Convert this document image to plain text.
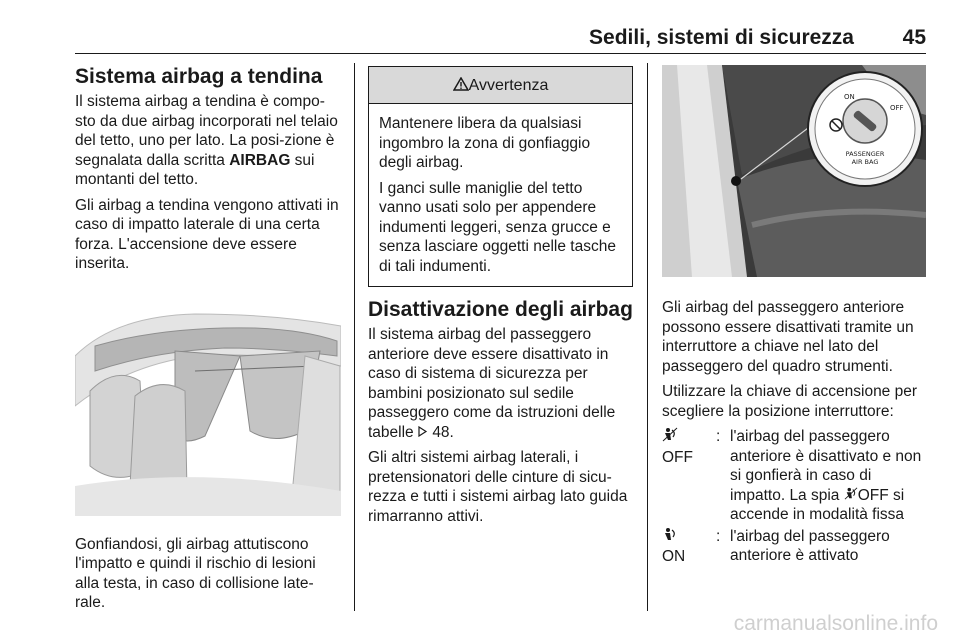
Sedili, sistemi di sicurezza 45
Sistema airbag a tendina

Il sistema airbag a tendina è compo-sto da due airbag incorporati nel telaio del tetto, uno per lato. La posi-zione è segnalata dalla scritta AIRBAG sui montanti del tetto.

Gli airbag a tendina vengono attivati in caso di impatto laterale di una certa forza. L'accensione deve essere inserita.

Gonfiandosi, gli airbag attutiscono l'impatto e quindi il rischio di lesioni alla testa, in caso di collisione late-rale.

Avvertenza

Mantenere libera da qualsiasi ingombro la zona di gonfiaggio degli airbag.

I ganci sulle maniglie del tetto vanno usati solo per appendere indumenti leggeri, senza grucce e senza lasciare oggetti nelle tasche di tali indumenti.

Disattivazione degli airbag

Il sistema airbag del passeggero anteriore deve essere disattivato in caso di sistema di sicurezza per bambini posizionato sul sedile passeggero come da istruzioni delle tabelle 48.

Gli altri sistemi airbag laterali, i pretensionatori delle cinture di sicu-rezza e tutti i sistemi airbag lato guida rimarranno attivi.

ON
OFF
PASSENGER
AIR BAG

Gli airbag del passeggero anteriore possono essere disattivati tramite un interruttore a chiave nel lato del passeggero del quadro strumenti.

Utilizzare la chiave di accensione per scegliere la posizione interruttore:

OFF
: l'airbag del passeggero anteriore è disattivato e non si gonfierà in caso di impatto. La spia OFF si accende in modalità fissa

ON
: l'airbag del passeggero anteriore è attivato
carmanualsonline.info
